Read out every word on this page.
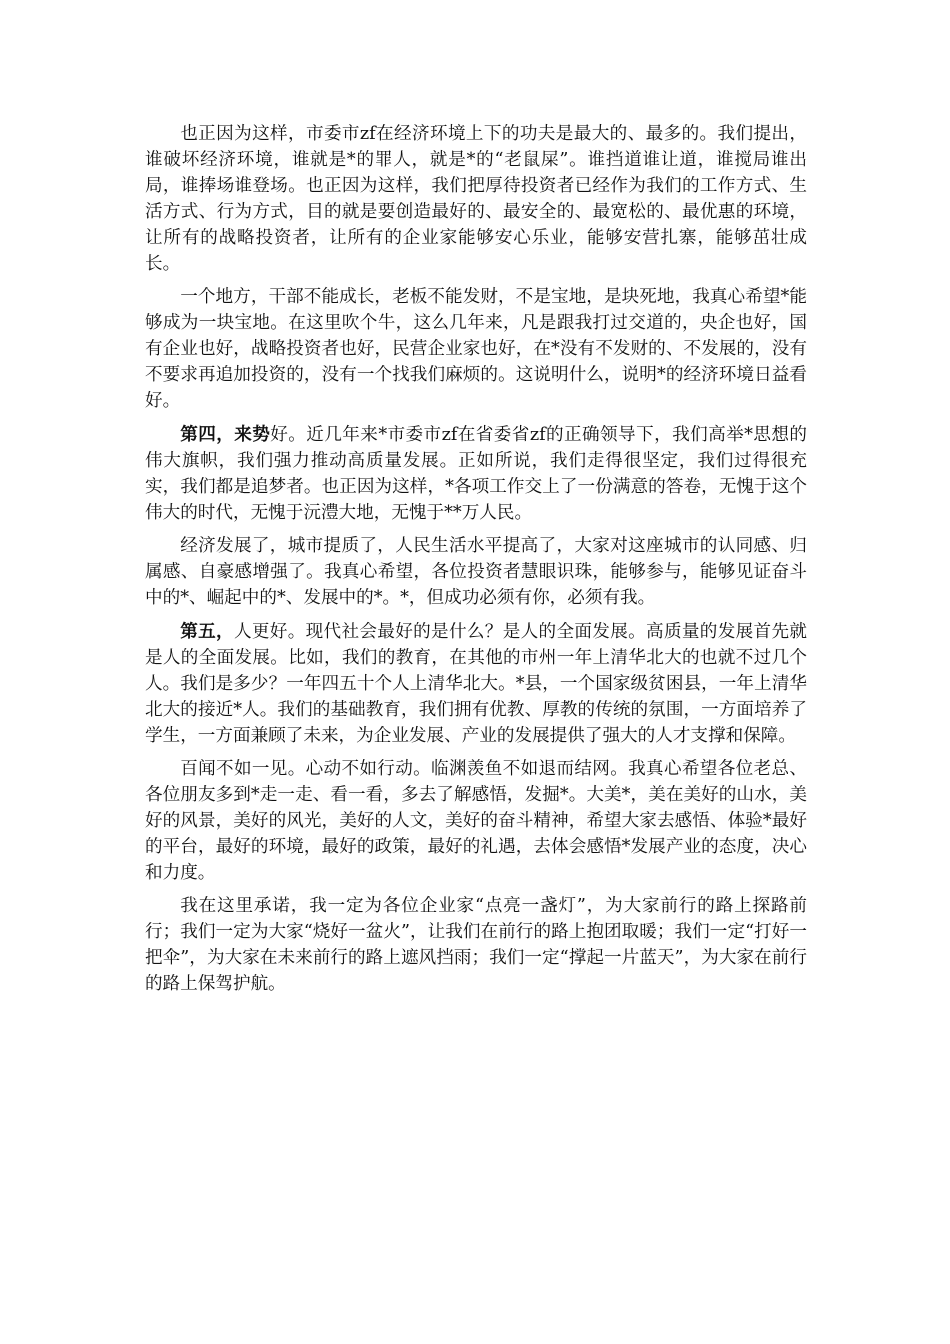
也正因为这样，市委市zf在经济环境上下的功夫是最大的、最多的。我们提出，谁破坏经济环境，谁就是*的罪人，就是*的“老鼠屎”。谁挡道谁让道，谁搅局谁出局，谁捧场谁登场。也正因为这样，我们把厚待投资者已经作为我们的工作方式、生活方式、行为方式，目的就是要创造最好的、最安全的、最宽松的、最优惠的环境，让所有的战略投资者，让所有的企业家能够安心乐业，能够安营扎寨，能够茁壮成长。

一个地方，干部不能成长，老板不能发财，不是宝地，是块死地，我真心希望*能够成为一块宝地。在这里吹个牛，这么几年来，凡是跟我打过交道的，央企也好，国有企业也好，战略投资者也好，民营企业家也好，在*没有不发财的、不发展的，没有不要求再追加投资的，没有一个找我们麻烦的。这说明什么，说明*的经济环境日益看好。

第四，来势好。近几年来*市委市zf在省委省zf的正确领导下，我们高举*思想的伟大旗帜，我们强力推动高质量发展。正如所说，我们走得很坚定，我们过得很充实，我们都是追梦者。也正因为这样，*各项工作交上了一份满意的答卷，无愧于这个伟大的时代，无愧于沅澧大地，无愧于**万人民。

经济发展了，城市提质了，人民生活水平提高了，大家对这座城市的认同感、归属感、自豪感增强了。我真心希望，各位投资者慧眼识珠，能够参与，能够见证奋斗中的*、崛起中的*、发展中的*。*，但成功必须有你，必须有我。

第五，人更好。现代社会最好的是什么？是人的全面发展。高质量的发展首先就是人的全面发展。比如，我们的教育，在其他的市州一年上清华北大的也就不过几个人。我们是多少？一年四五十个人上清华北大。*县，一个国家级贫困县，一年上清华北大的接近*人。我们的基础教育，我们拥有优教、厚教的传统的氛围，一方面培养了学生，一方面兼顾了未来，为企业发展、产业的发展提供了强大的人才支撑和保障。

百闻不如一见。心动不如行动。临渊羡鱼不如退而结网。我真心希望各位老总、各位朋友多到*走一走、看一看，多去了解感悟，发掘*。大美*，美在美好的山水，美好的风景，美好的风光，美好的人文，美好的奋斗精神，希望大家去感悟、体验*最好的平台，最好的环境，最好的政策，最好的礼遇，去体会感悟*发展产业的态度，决心和力度。

我在这里承诺，我一定为各位企业家“点亮一盏灯”，为大家前行的路上探路前行；我们一定为大家“烧好一盆火”，让我们在前行的路上抱团取暖；我们一定“打好一把伞”，为大家在未来前行的路上遮风挡雨；我们一定“撑起一片蓝天”，为大家在前行的路上保驾护航。
